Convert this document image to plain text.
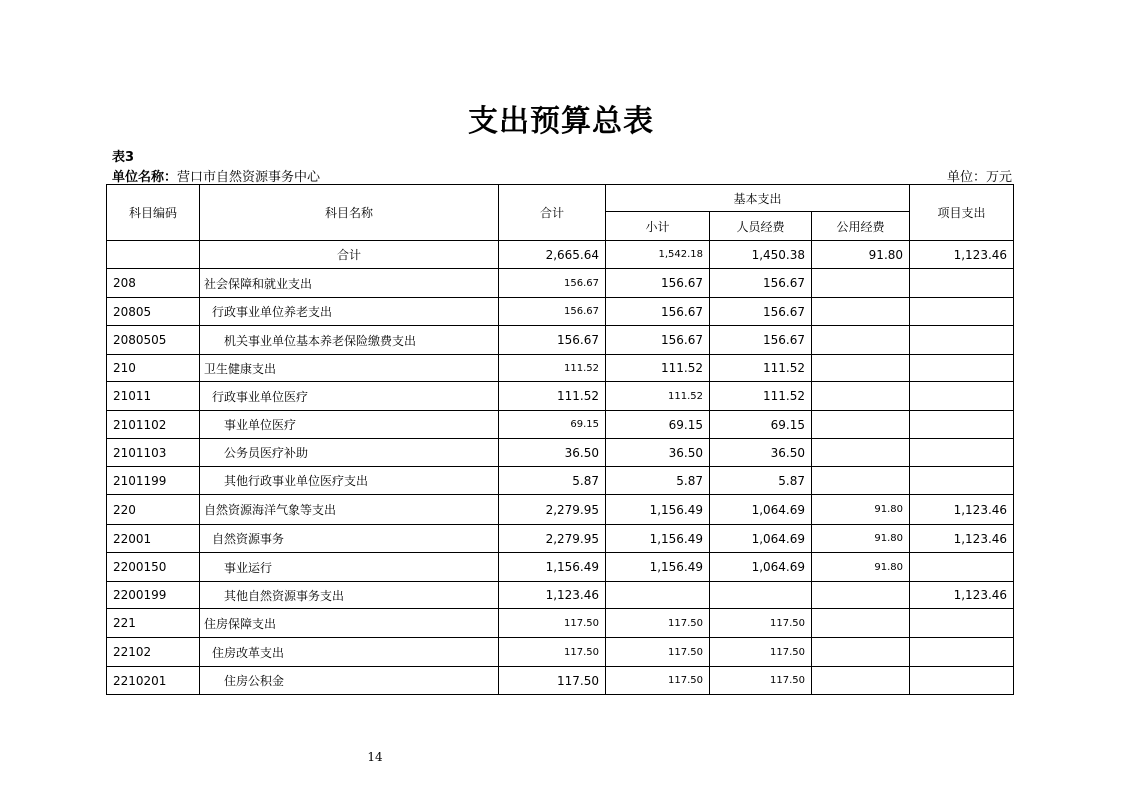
支出预算总表
表3
单位名称：营口市自然资源事务中心	单位：万元
科目编码	科目名称	合计	基本支出			项目支出
			小计	人员经费	公用经费	
	合计	2,665.64	1,542.18	1,450.38	91.80	1,123.46
208	社会保障和就业支出	156.67	156.67	156.67		
20805	行政事业单位养老支出	156.67	156.67	156.67		
2080505	机关事业单位基本养老保险缴费支出	156.67	156.67	156.67		
210	卫生健康支出	111.52	111.52	111.52		
21011	行政事业单位医疗	111.52	111.52	111.52		
2101102	事业单位医疗	69.15	69.15	69.15		
2101103	公务员医疗补助	36.50	36.50	36.50		
2101199	其他行政事业单位医疗支出	5.87	5.87	5.87		
220	自然资源海洋气象等支出	2,279.95	1,156.49	1,064.69	91.80	1,123.46
22001	自然资源事务	2,279.95	1,156.49	1,064.69	91.80	1,123.46
2200150	事业运行	1,156.49	1,156.49	1,064.69	91.80	
2200199	其他自然资源事务支出	1,123.46				1,123.46
221	住房保障支出	117.50	117.50	117.50		
22102	住房改革支出	117.50	117.50	117.50		
2210201	住房公积金	117.50	117.50	117.50		
14
